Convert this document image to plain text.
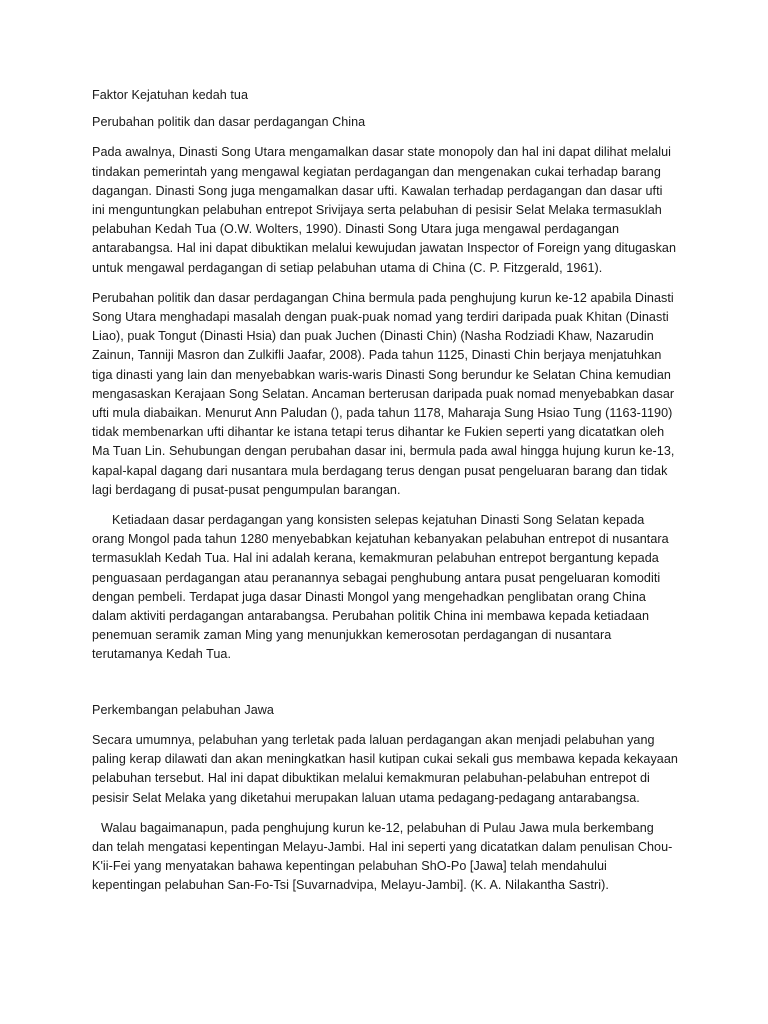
Faktor Kejatuhan kedah tua

Perubahan politik dan dasar perdagangan China

Pada awalnya, Dinasti Song Utara mengamalkan dasar state monopoly dan hal ini dapat dilihat melalui tindakan pemerintah yang mengawal kegiatan perdagangan dan mengenakan cukai terhadap barang dagangan. Dinasti Song juga mengamalkan dasar ufti. Kawalan terhadap perdagangan dan dasar ufti ini menguntungkan pelabuhan entrepot Srivijaya serta pelabuhan di pesisir Selat Melaka termasuklah pelabuhan Kedah Tua (O.W. Wolters, 1990). Dinasti Song Utara juga mengawal perdagangan antarabangsa. Hal ini dapat dibuktikan melalui kewujudan jawatan Inspector of Foreign yang ditugaskan untuk mengawal perdagangan di setiap pelabuhan utama di China (C. P. Fitzgerald, 1961).

Perubahan politik dan dasar perdagangan China bermula pada penghujung kurun ke-12 apabila Dinasti Song Utara menghadapi masalah dengan puak-puak nomad yang terdiri daripada puak Khitan (Dinasti Liao), puak Tongut (Dinasti Hsia) dan puak Juchen (Dinasti Chin) (Nasha Rodziadi Khaw, Nazarudin Zainun, Tanniji Masron dan Zulkifli Jaafar, 2008). Pada tahun 1125, Dinasti Chin berjaya menjatuhkan tiga dinasti yang lain dan menyebabkan waris-waris Dinasti Song berundur ke Selatan China kemudian mengasaskan Kerajaan Song Selatan. Ancaman berterusan daripada puak nomad menyebabkan dasar ufti mula diabaikan. Menurut Ann Paludan (), pada tahun 1178, Maharaja Sung Hsiao Tung (1163-1190) tidak membenarkan ufti dihantar ke istana tetapi terus dihantar ke Fukien seperti yang dicatatkan oleh Ma Tuan Lin. Sehubungan dengan perubahan dasar ini, bermula pada awal hingga hujung kurun ke-13, kapal-kapal dagang dari nusantara mula berdagang terus dengan pusat pengeluaran barang dan tidak lagi berdagang di pusat-pusat pengumpulan barangan.

Ketiadaan dasar perdagangan yang konsisten selepas kejatuhan Dinasti Song Selatan kepada orang Mongol pada tahun 1280 menyebabkan kejatuhan kebanyakan pelabuhan entrepot di nusantara termasuklah Kedah Tua. Hal ini adalah kerana, kemakmuran pelabuhan entrepot bergantung kepada penguasaan perdagangan atau peranannya sebagai penghubung antara pusat pengeluaran komoditi dengan pembeli. Terdapat juga dasar Dinasti Mongol yang mengehadkan penglibatan orang China dalam aktiviti perdagangan antarabangsa. Perubahan politik China ini membawa kepada ketiadaan penemuan seramik zaman Ming yang menunjukkan kemerosotan perdagangan di nusantara terutamanya Kedah Tua.

Perkembangan pelabuhan Jawa

Secara umumnya, pelabuhan yang terletak pada laluan perdagangan akan menjadi pelabuhan yang paling kerap dilawati dan akan meningkatkan hasil kutipan cukai sekali gus membawa kepada kekayaan pelabuhan tersebut. Hal ini dapat dibuktikan melalui kemakmuran pelabuhan-pelabuhan entrepot di pesisir Selat Melaka yang diketahui merupakan laluan utama pedagang-pedagang antarabangsa.

Walau bagaimanapun, pada penghujung kurun ke-12, pelabuhan di Pulau Jawa mula berkembang dan telah mengatasi kepentingan Melayu-Jambi. Hal ini seperti yang dicatatkan dalam penulisan Chou-K'ii-Fei yang menyatakan bahawa kepentingan pelabuhan ShO-Po [Jawa] telah mendahului kepentingan pelabuhan San-Fo-Tsi [Suvarnadvipa, Melayu-Jambi]. (K. A. Nilakantha Sastri).
